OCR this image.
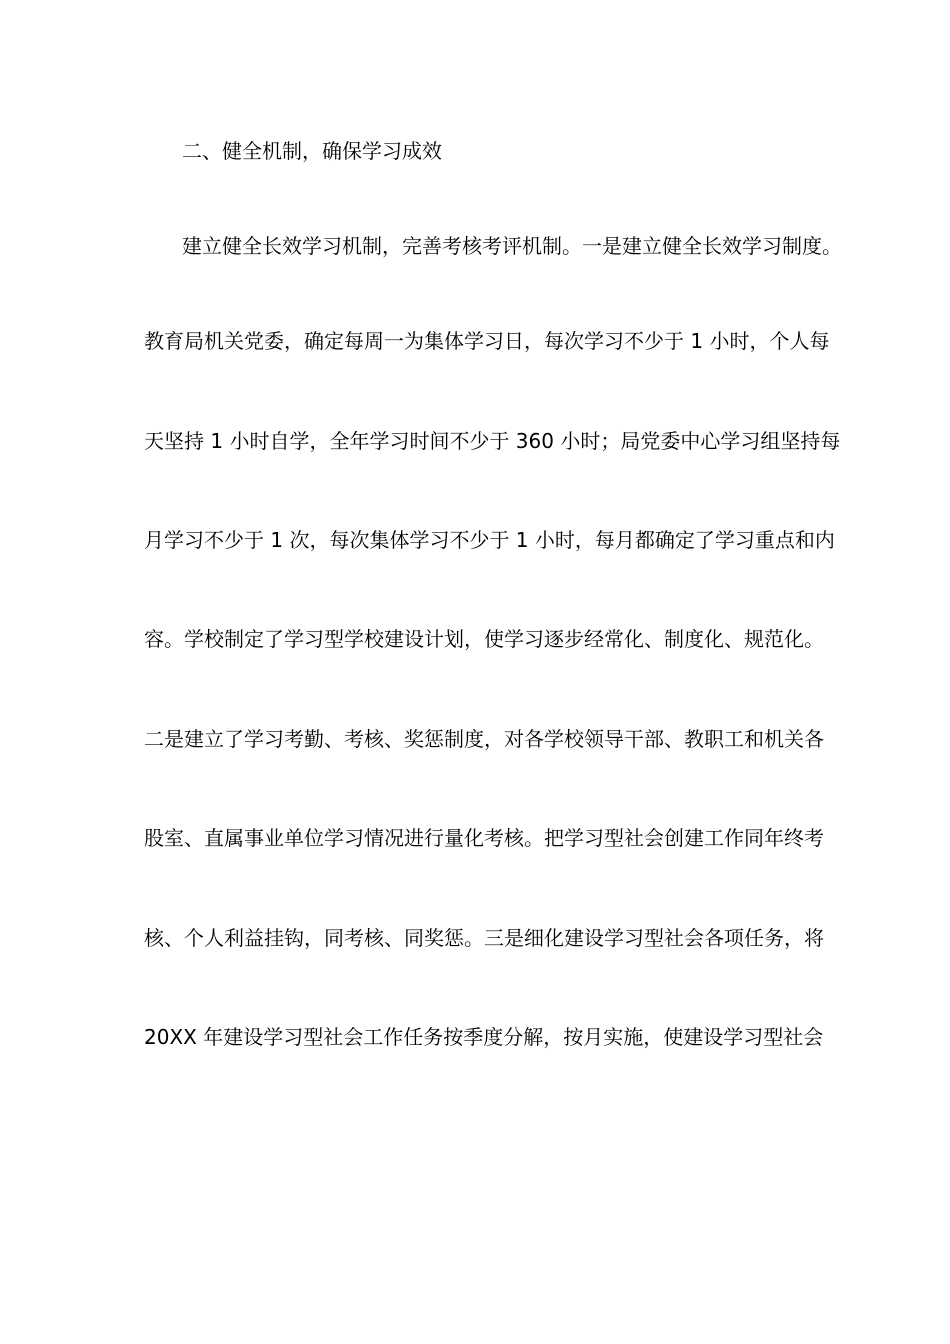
二、健全机制，确保学习成效
建立健全长效学习机制，完善考核考评机制。一是建立健全长效学习制度。
教育局机关党委，确定每周一为集体学习日，每次学习不少于 1 小时，个人每
天坚持 1 小时自学，全年学习时间不少于 360 小时；局党委中心学习组坚持每
月学习不少于 1 次，每次集体学习不少于 1 小时，每月都确定了学习重点和内
容。学校制定了学习型学校建设计划，使学习逐步经常化、制度化、规范化。
二是建立了学习考勤、考核、奖惩制度，对各学校领导干部、教职工和机关各
股室、直属事业单位学习情况进行量化考核。把学习型社会创建工作同年终考
核、个人利益挂钩，同考核、同奖惩。三是细化建设学习型社会各项任务，将
20XX 年建设学习型社会工作任务按季度分解，按月实施，使建设学习型社会
